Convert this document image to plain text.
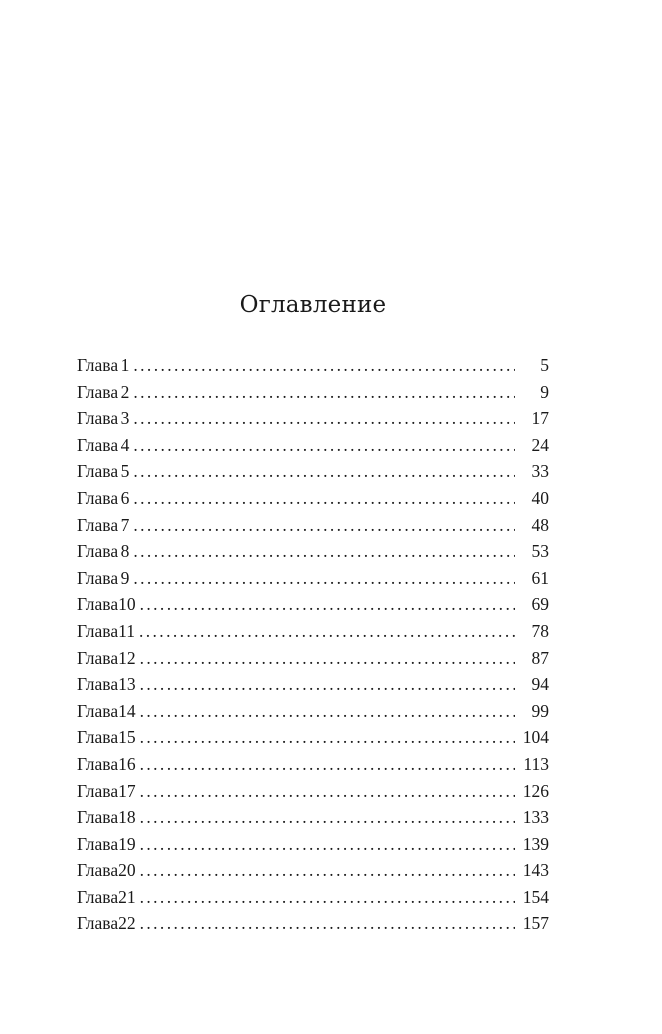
Оглавление
Глава 1 .....	5
Глава 2 .....	9
Глава 3 .....	17
Глава 4 .....	24
Глава 5 .....	33
Глава 6 .....	40
Глава 7 .....	48
Глава 8 .....	53
Глава 9 .....	61
Глава 10 .....	69
Глава 11 .....	78
Глава 12 .....	87
Глава 13 .....	94
Глава 14 .....	99
Глава 15 .....	104
Глава 16 .....	113
Глава 17 .....	126
Глава 18 .....	133
Глава 19 .....	139
Глава 20 .....	143
Глава 21 .....	154
Глава 22 .....	157
